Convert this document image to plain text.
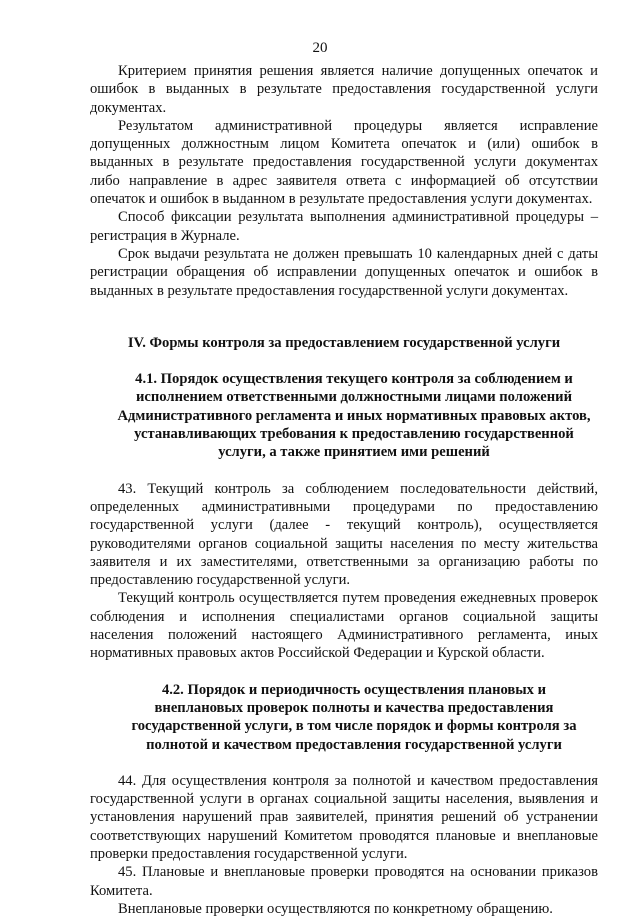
20

Критерием принятия решения является наличие допущенных опечаток и ошибок в выданных в результате предоставления государственной услуги документах.

Результатом административной процедуры является исправление допущенных должностным лицом Комитета опечаток и (или) ошибок в выданных в результате предоставления государственной услуги документах либо направление в адрес заявителя ответа с информацией об отсутствии опечаток и ошибок в выданном в результате предоставления услуги документах.

Способ фиксации результата выполнения административной процедуры – регистрация в Журнале.

Срок выдачи результата не должен превышать 10 календарных дней с даты регистрации обращения об исправлении допущенных опечаток и ошибок в выданных в результате предоставления государственной услуги документах.

IV. Формы контроля за предоставлением государственной услуги
4.1. Порядок осуществления текущего контроля за соблюдением и исполнением ответственными должностными лицами положений Административного регламента и иных нормативных правовых актов, устанавливающих требования к предоставлению государственной услуги, а также принятием ими решений

43. Текущий контроль за соблюдением последовательности действий, определенных административными процедурами по предоставлению государственной услуги (далее - текущий контроль), осуществляется руководителями органов социальной защиты населения по месту жительства заявителя и их заместителями, ответственными за организацию работы по предоставлению государственной услуги.

Текущий контроль осуществляется путем проведения ежедневных проверок соблюдения и исполнения специалистами органов социальной защиты населения положений настоящего Административного регламента, иных нормативных правовых актов Российской Федерации и Курской области.

4.2. Порядок и периодичность осуществления плановых и внеплановых проверок полноты и качества предоставления государственной услуги, в том числе порядок и формы контроля за полнотой и качеством предоставления государственной услуги

44. Для осуществления контроля за полнотой и качеством предоставления государственной услуги в органах социальной защиты населения, выявления и установления нарушений прав заявителей, принятия решений об устранении соответствующих нарушений Комитетом проводятся плановые и внеплановые проверки предоставления государственной услуги.

45. Плановые и внеплановые проверки проводятся на основании приказов Комитета.

Внеплановые проверки осуществляются по конкретному обращению.
